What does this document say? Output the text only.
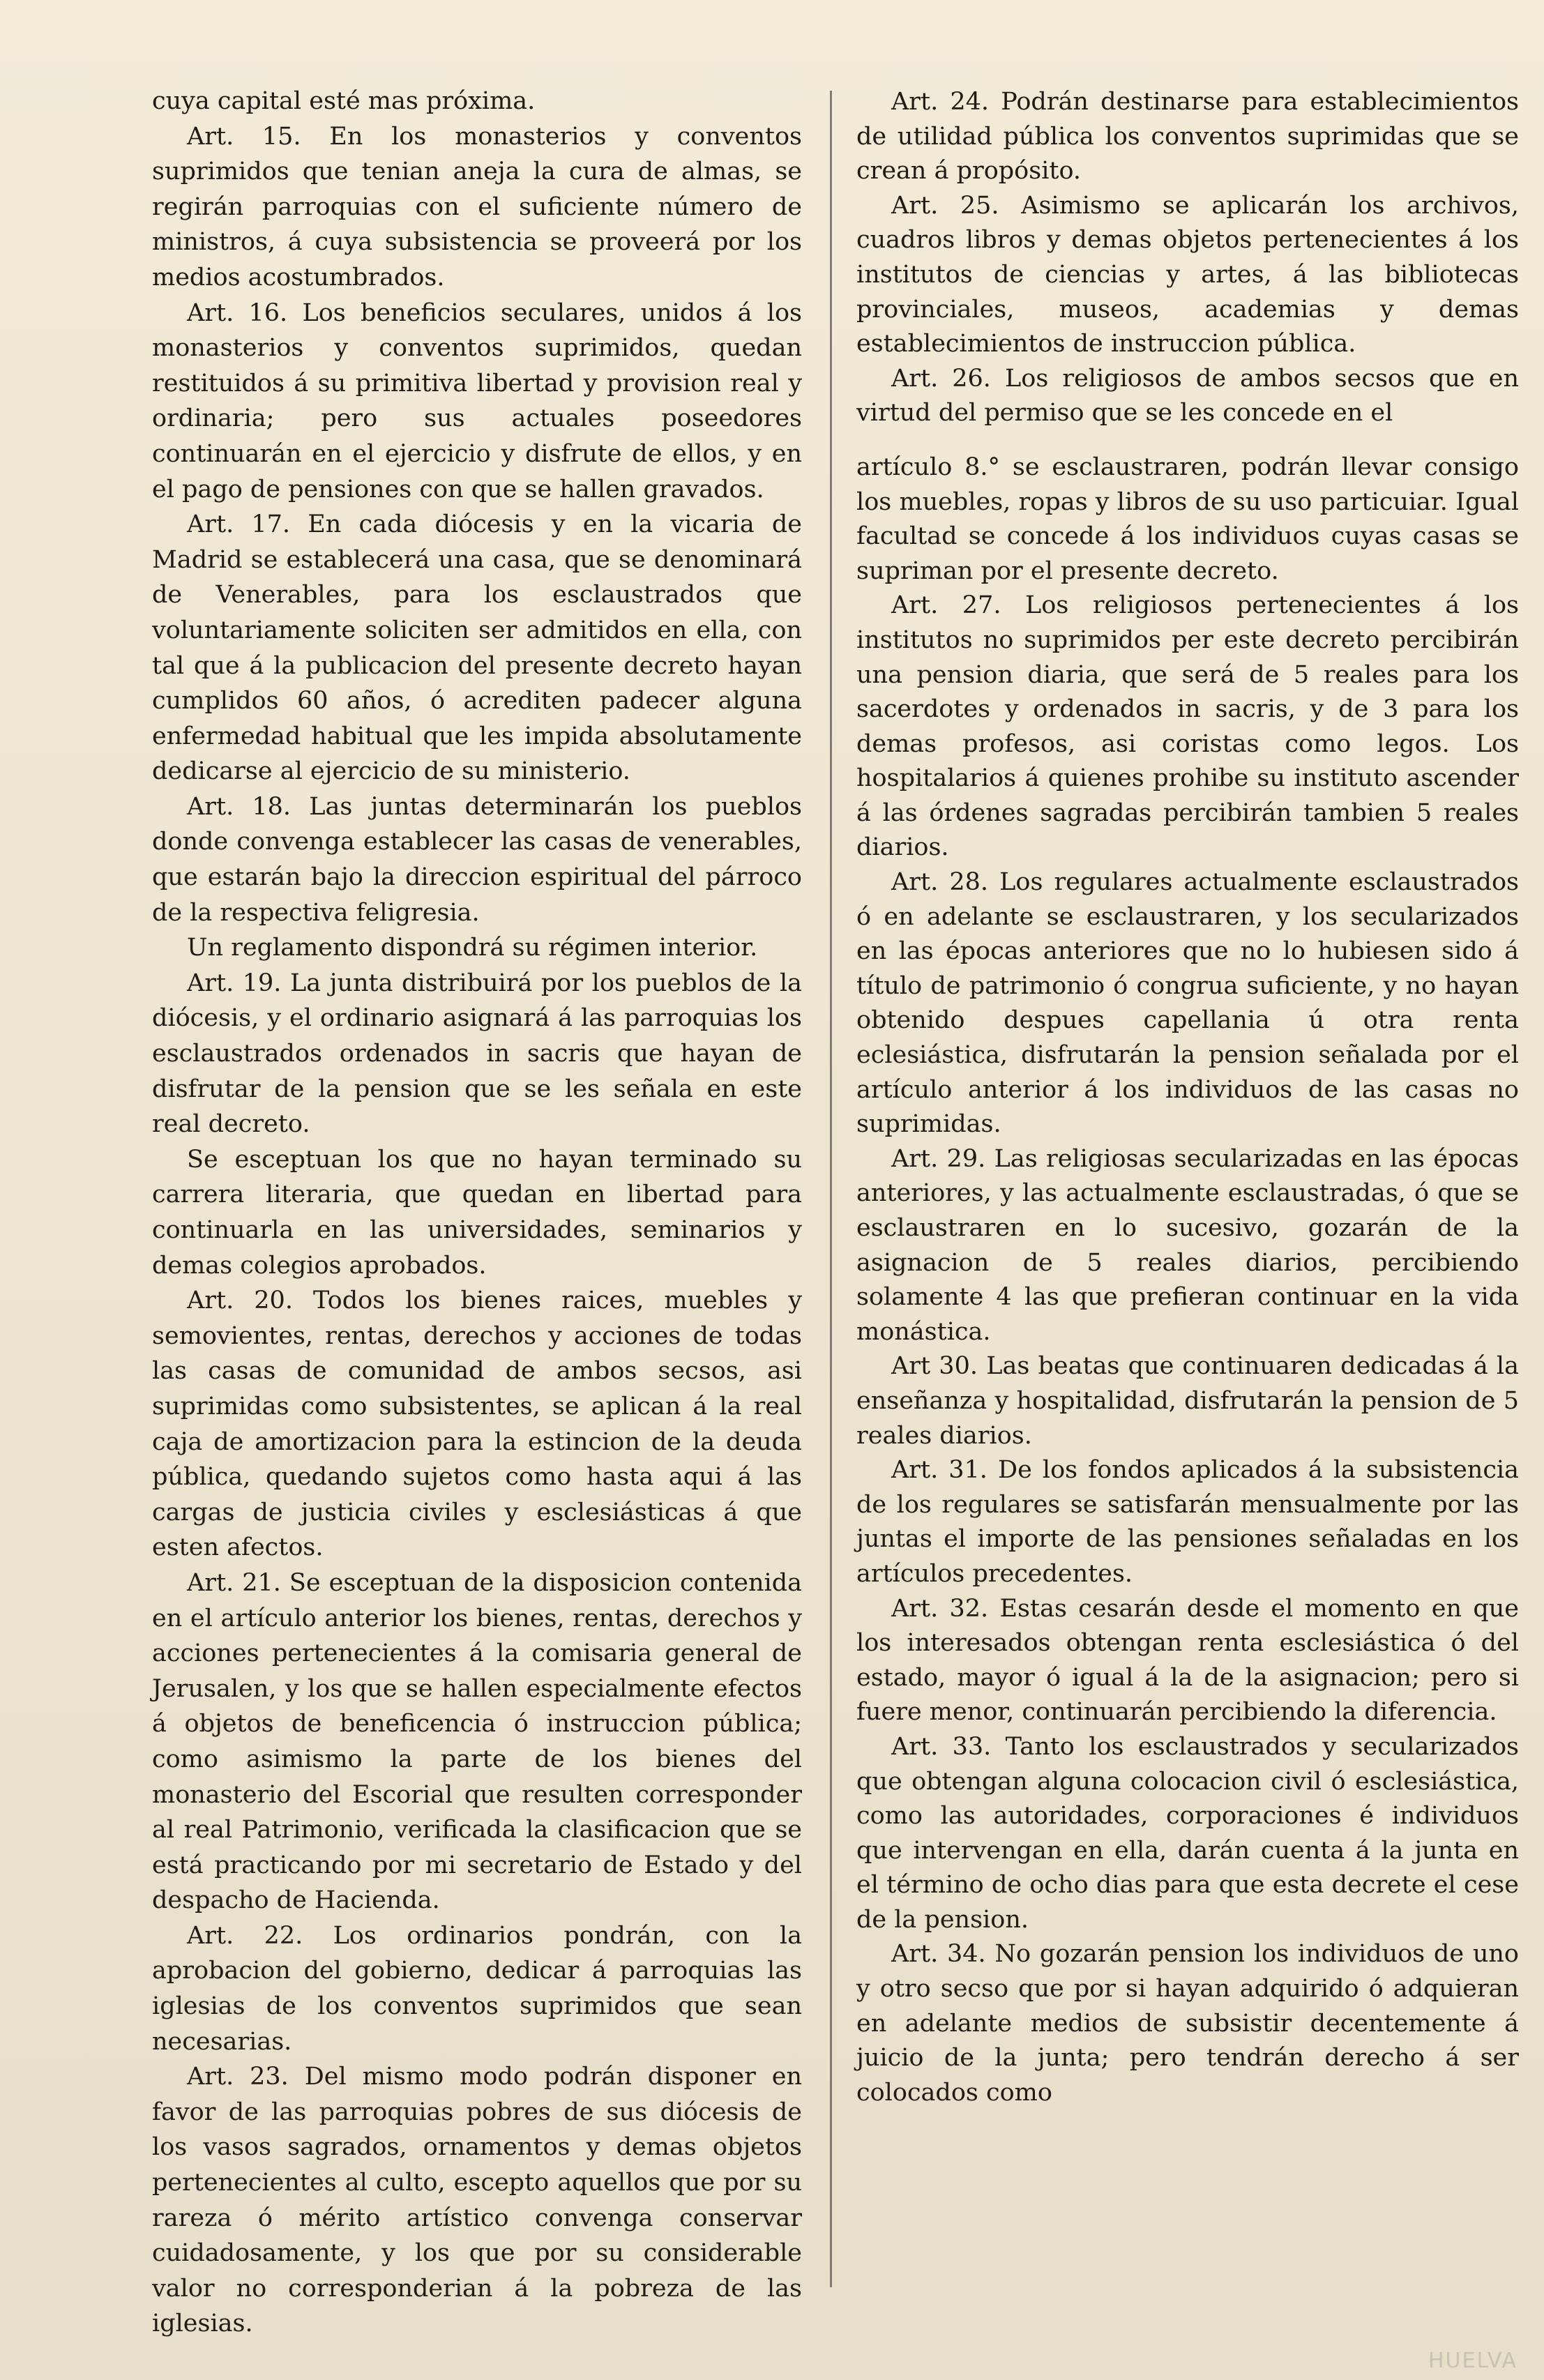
cuya capital esté mas próxima.

Art. 15. En los monasterios y conventos suprimidos que tenian aneja la cura de almas, se regirán parroquias con el suficiente número de ministros, á cuya subsistencia se proveerá por los medios acostumbrados.

Art. 16. Los beneficios seculares, unidos á los monasterios y conventos suprimidos, quedan restituidos á su primitiva libertad y provision real y ordinaria; pero sus actuales poseedores continuarán en el ejercicio y disfrute de ellos, y en el pago de pensiones con que se hallen gravados.

Art. 17. En cada diócesis y en la vicaria de Madrid se establecerá una casa, que se denominará de Venerables, para los esclaustrados que voluntariamente soliciten ser admitidos en ella, con tal que á la publicacion del presente decreto hayan cumplidos 60 años, ó acrediten padecer alguna enfermedad habitual que les impida absolutamente dedicarse al ejercicio de su ministerio.

Art. 18. Las juntas determinarán los pueblos donde convenga establecer las casas de venerables, que estarán bajo la direccion espiritual del párroco de la respectiva feligresia.

Un reglamento dispondrá su régimen interior.

Art. 19. La junta distribuirá por los pueblos de la diócesis, y el ordinario asignará á las parroquias los esclaustrados ordenados in sacris que hayan de disfrutar de la pension que se les señala en este real decreto.

Se esceptuan los que no hayan terminado su carrera literaria, que quedan en libertad para continuarla en las universidades, seminarios y demas colegios aprobados.

Art. 20. Todos los bienes raices, muebles y semovientes, rentas, derechos y acciones de todas las casas de comunidad de ambos secsos, asi suprimidas como subsistentes, se aplican á la real caja de amortizacion para la estincion de la deuda pública, quedando sujetos como hasta aqui á las cargas de justicia civiles y esclesiásticas á que esten afectos.

Art. 21. Se esceptuan de la disposicion contenida en el artículo anterior los bienes, rentas, derechos y acciones pertenecientes á la comisaria general de Jerusalen, y los que se hallen especialmente efectos á objetos de beneficencia ó instruccion pública; como asimismo la parte de los bienes del monasterio del Escorial que resulten corresponder al real Patrimonio, verificada la clasificacion que se está practicando por mi secretario de Estado y del despacho de Hacienda.

Art. 22. Los ordinarios pondrán, con la aprobacion del gobierno, dedicar á parroquias las iglesias de los conventos suprimidos que sean necesarias.

Art. 23. Del mismo modo podrán disponer en favor de las parroquias pobres de sus diócesis de los vasos sagrados, ornamentos y demas objetos pertenecientes al culto, escepto aquellos que por su rareza ó mérito artístico convenga conservar cuidadosamente, y los que por su considerable valor no corresponderian á la pobreza de las iglesias.

Art. 24. Podrán destinarse para establecimientos de utilidad pública los conventos suprimidas que se crean á propósito.

Art. 25. Asimismo se aplicarán los archivos, cuadros libros y demas objetos pertenecientes á los institutos de ciencias y artes, á las bibliotecas provinciales, museos, academias y demas establecimientos de instruccion pública.

Art. 26. Los religiosos de ambos secsos que en virtud del permiso que se les concede en el

artículo 8.° se esclaustraren, podrán llevar consigo los muebles, ropas y libros de su uso particuiar. Igual facultad se concede á los individuos cuyas casas se supriman por el presente decreto.

Art. 27. Los religiosos pertenecientes á los institutos no suprimidos per este decreto percibirán una pension diaria, que será de 5 reales para los sacerdotes y ordenados in sacris, y de 3 para los demas profesos, asi coristas como legos. Los hospitalarios á quienes prohibe su instituto ascender á las órdenes sagradas percibirán tambien 5 reales diarios.

Art. 28. Los regulares actualmente esclaustrados ó en adelante se esclaustraren, y los secularizados en las épocas anteriores que no lo hubiesen sido á título de patrimonio ó congrua suficiente, y no hayan obtenido despues capellania ú otra renta eclesiástica, disfrutarán la pension señalada por el artículo anterior á los individuos de las casas no suprimidas.

Art. 29. Las religiosas secularizadas en las épocas anteriores, y las actualmente esclaustradas, ó que se esclaustraren en lo sucesivo, gozarán de la asignacion de 5 reales diarios, percibiendo solamente 4 las que prefieran continuar en la vida monástica.

Art 30. Las beatas que continuaren dedicadas á la enseñanza y hospitalidad, disfrutarán la pension de 5 reales diarios.

Art. 31. De los fondos aplicados á la subsistencia de los regulares se satisfarán mensualmente por las juntas el importe de las pensiones señaladas en los artículos precedentes.

Art. 32. Estas cesarán desde el momento en que los interesados obtengan renta esclesiástica ó del estado, mayor ó igual á la de la asignacion; pero si fuere menor, continuarán percibiendo la diferencia.

Art. 33. Tanto los esclaustrados y secularizados que obtengan alguna colocacion civil ó esclesiástica, como las autoridades, corporaciones é individuos que intervengan en ella, darán cuenta á la junta en el término de ocho dias para que esta decrete el cese de la pension.

Art. 34. No gozarán pension los individuos de uno y otro secso que por si hayan adquirido ó adquieran en adelante medios de subsistir decentemente á juicio de la junta; pero tendrán derecho á ser colocados como

HUELVA
